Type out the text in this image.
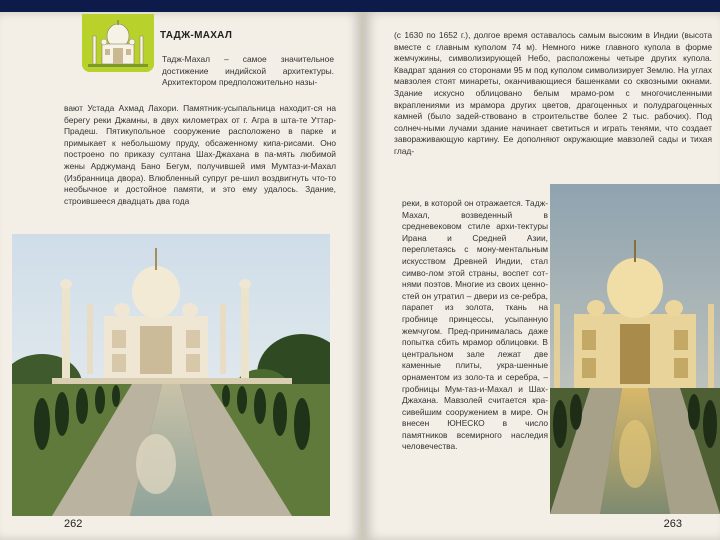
ТАДЖ-МАХАЛ
Тадж-Махал – самое значительное достижение индийской архитектуры. Архитектором предположительно назы-
вают Устада Ахмад Лахори. Памятник-усыпальница находит-ся на берегу реки Джамны, в двух километрах от г. Агра в шта-те Уттар-Прадеш. Пятикупольное сооружение расположено в парке и примыкает к небольшому пруду, обсаженному кипа-рисами. Оно построено по приказу султана Шах-Джахана в па-мять любимой жены Арджуманд Бано Бегум, получившей имя Мумтаз-и-Махал (Избранница двора). Влюбленный супруг ре-шил воздвигнуть что-то необычное и достойное памяти, и это ему удалось. Здание, строившееся двадцать два года
262
(с 1630 по 1652 г.), долгое время оставалось самым высоким в Индии (высота вместе с главным куполом 74 м). Немного ниже главного купола в форме жемчужины, символизирующей Небо, расположены четыре других купола. Квадрат здания со сторонами 95 м под куполом символизирует Землю. На углах мавзолея стоят минареты, оканчивающиеся башенками со сквозными окнами. Здание искусно облицовано белым мрамо-ром с многочисленными вкраплениями из мрамора других цветов, драгоценных и полудрагоценных камней (было задей-ствовано в строительстве более 2 тыс. рабочих). Под солнеч-ными лучами здание начинает светиться и играть тенями, что создает завораживающую картину. Ее дополняют окружающие мавзолей сады и тихая глад-
реки, в которой он отражается. Тадж-Махал, возведенный в средневековом стиле архи-тектуры Ирана и Средней Азии, переплетаясь с мону-ментальным искусством Древней Индии, стал симво-лом этой страны, воспет сот-нями поэтов. Многие из своих ценно-стей он утратил – двери из се-ребра, парапет из золота, ткань на гробнице принцессы, усыпанную жемчугом. Пред-принималась даже попытка сбить мрамор облицовки. В центральном зале лежат две каменные плиты, укра-шенные орнаментом из золо-та и серебра, – гробницы Мум-таз-и-Махал и Шах-Джахана. Мавзолей считается кра-сивейшим сооружением в мире. Он внесен ЮНЕСКО в число памятников всемирного наследия человечества.
263
